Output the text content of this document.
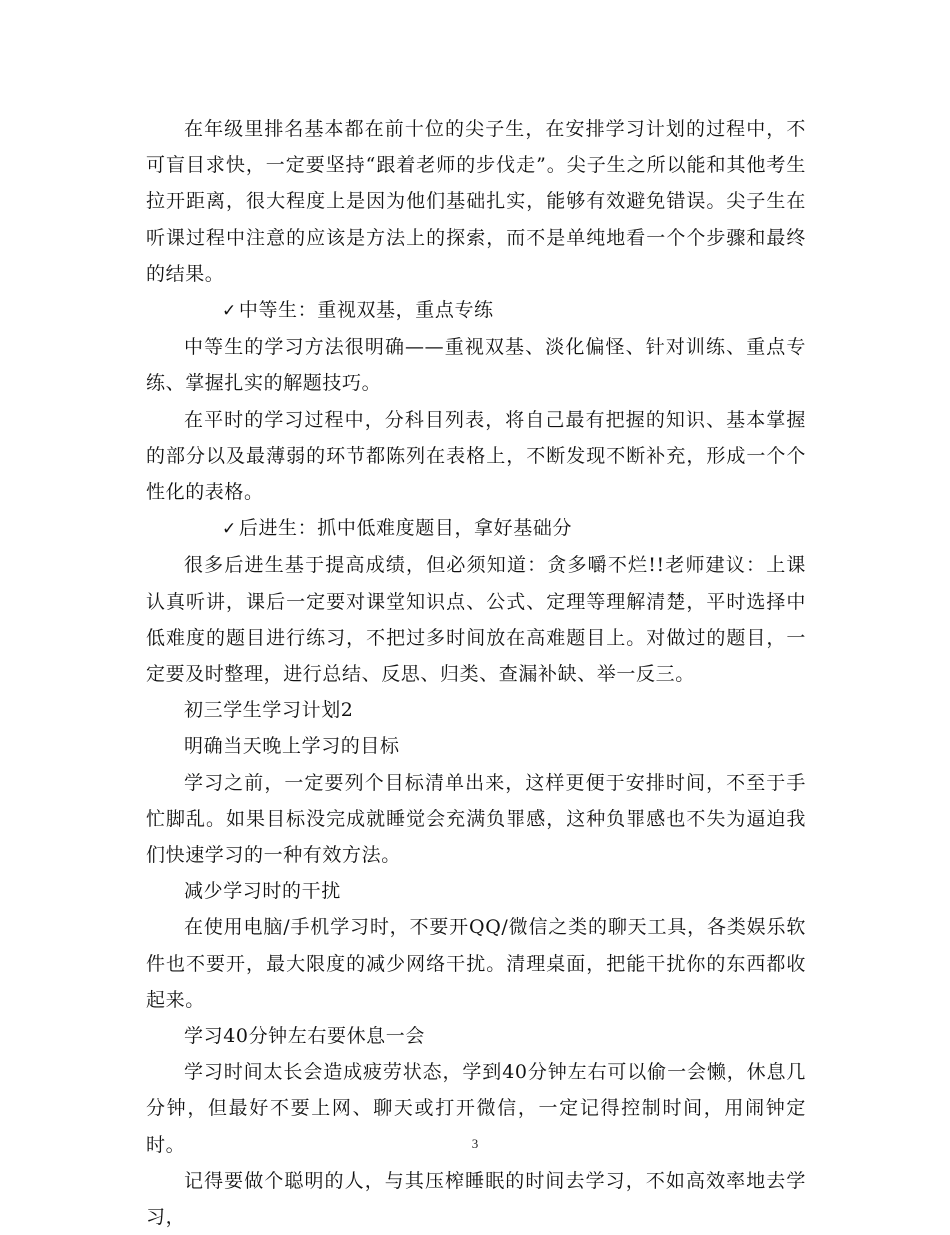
在年级里排名基本都在前十位的尖子生，在安排学习计划的过程中，不可盲目求快，一定要坚持“跟着老师的步伐走”。尖子生之所以能和其他考生拉开距离，很大程度上是因为他们基础扎实，能够有效避免错误。尖子生在听课过程中注意的应该是方法上的探索，而不是单纯地看一个个步骤和最终的结果。

✓ 中等生：重视双基，重点专练

中等生的学习方法很明确——重视双基、淡化偏怪、针对训练、重点专练、掌握扎实的解题技巧。

在平时的学习过程中，分科目列表，将自己最有把握的知识、基本掌握的部分以及最薄弱的环节都陈列在表格上，不断发现不断补充，形成一个个性化的表格。

✓ 后进生：抓中低难度题目，拿好基础分

很多后进生基于提高成绩，但必须知道：贪多嚼不烂!!老师建议：上课认真听讲，课后一定要对课堂知识点、公式、定理等理解清楚，平时选择中低难度的题目进行练习，不把过多时间放在高难题目上。对做过的题目，一定要及时整理，进行总结、反思、归类、查漏补缺、举一反三。

初三学生学习计划2

明确当天晚上学习的目标

学习之前，一定要列个目标清单出来，这样更便于安排时间，不至于手忙脚乱。如果目标没完成就睡觉会充满负罪感，这种负罪感也不失为逼迫我们快速学习的一种有效方法。

减少学习时的干扰

在使用电脑/手机学习时，不要开QQ/微信之类的聊天工具，各类娱乐软件也不要开，最大限度的减少网络干扰。清理桌面，把能干扰你的东西都收起来。

学习40分钟左右要休息一会

学习时间太长会造成疲劳状态，学到40分钟左右可以偷一会懒，休息几分钟，但最好不要上网、聊天或打开微信，一定记得控制时间，用闹钟定时。

记得要做个聪明的人，与其压榨睡眠的时间去学习，不如高效率地去学习，

3
